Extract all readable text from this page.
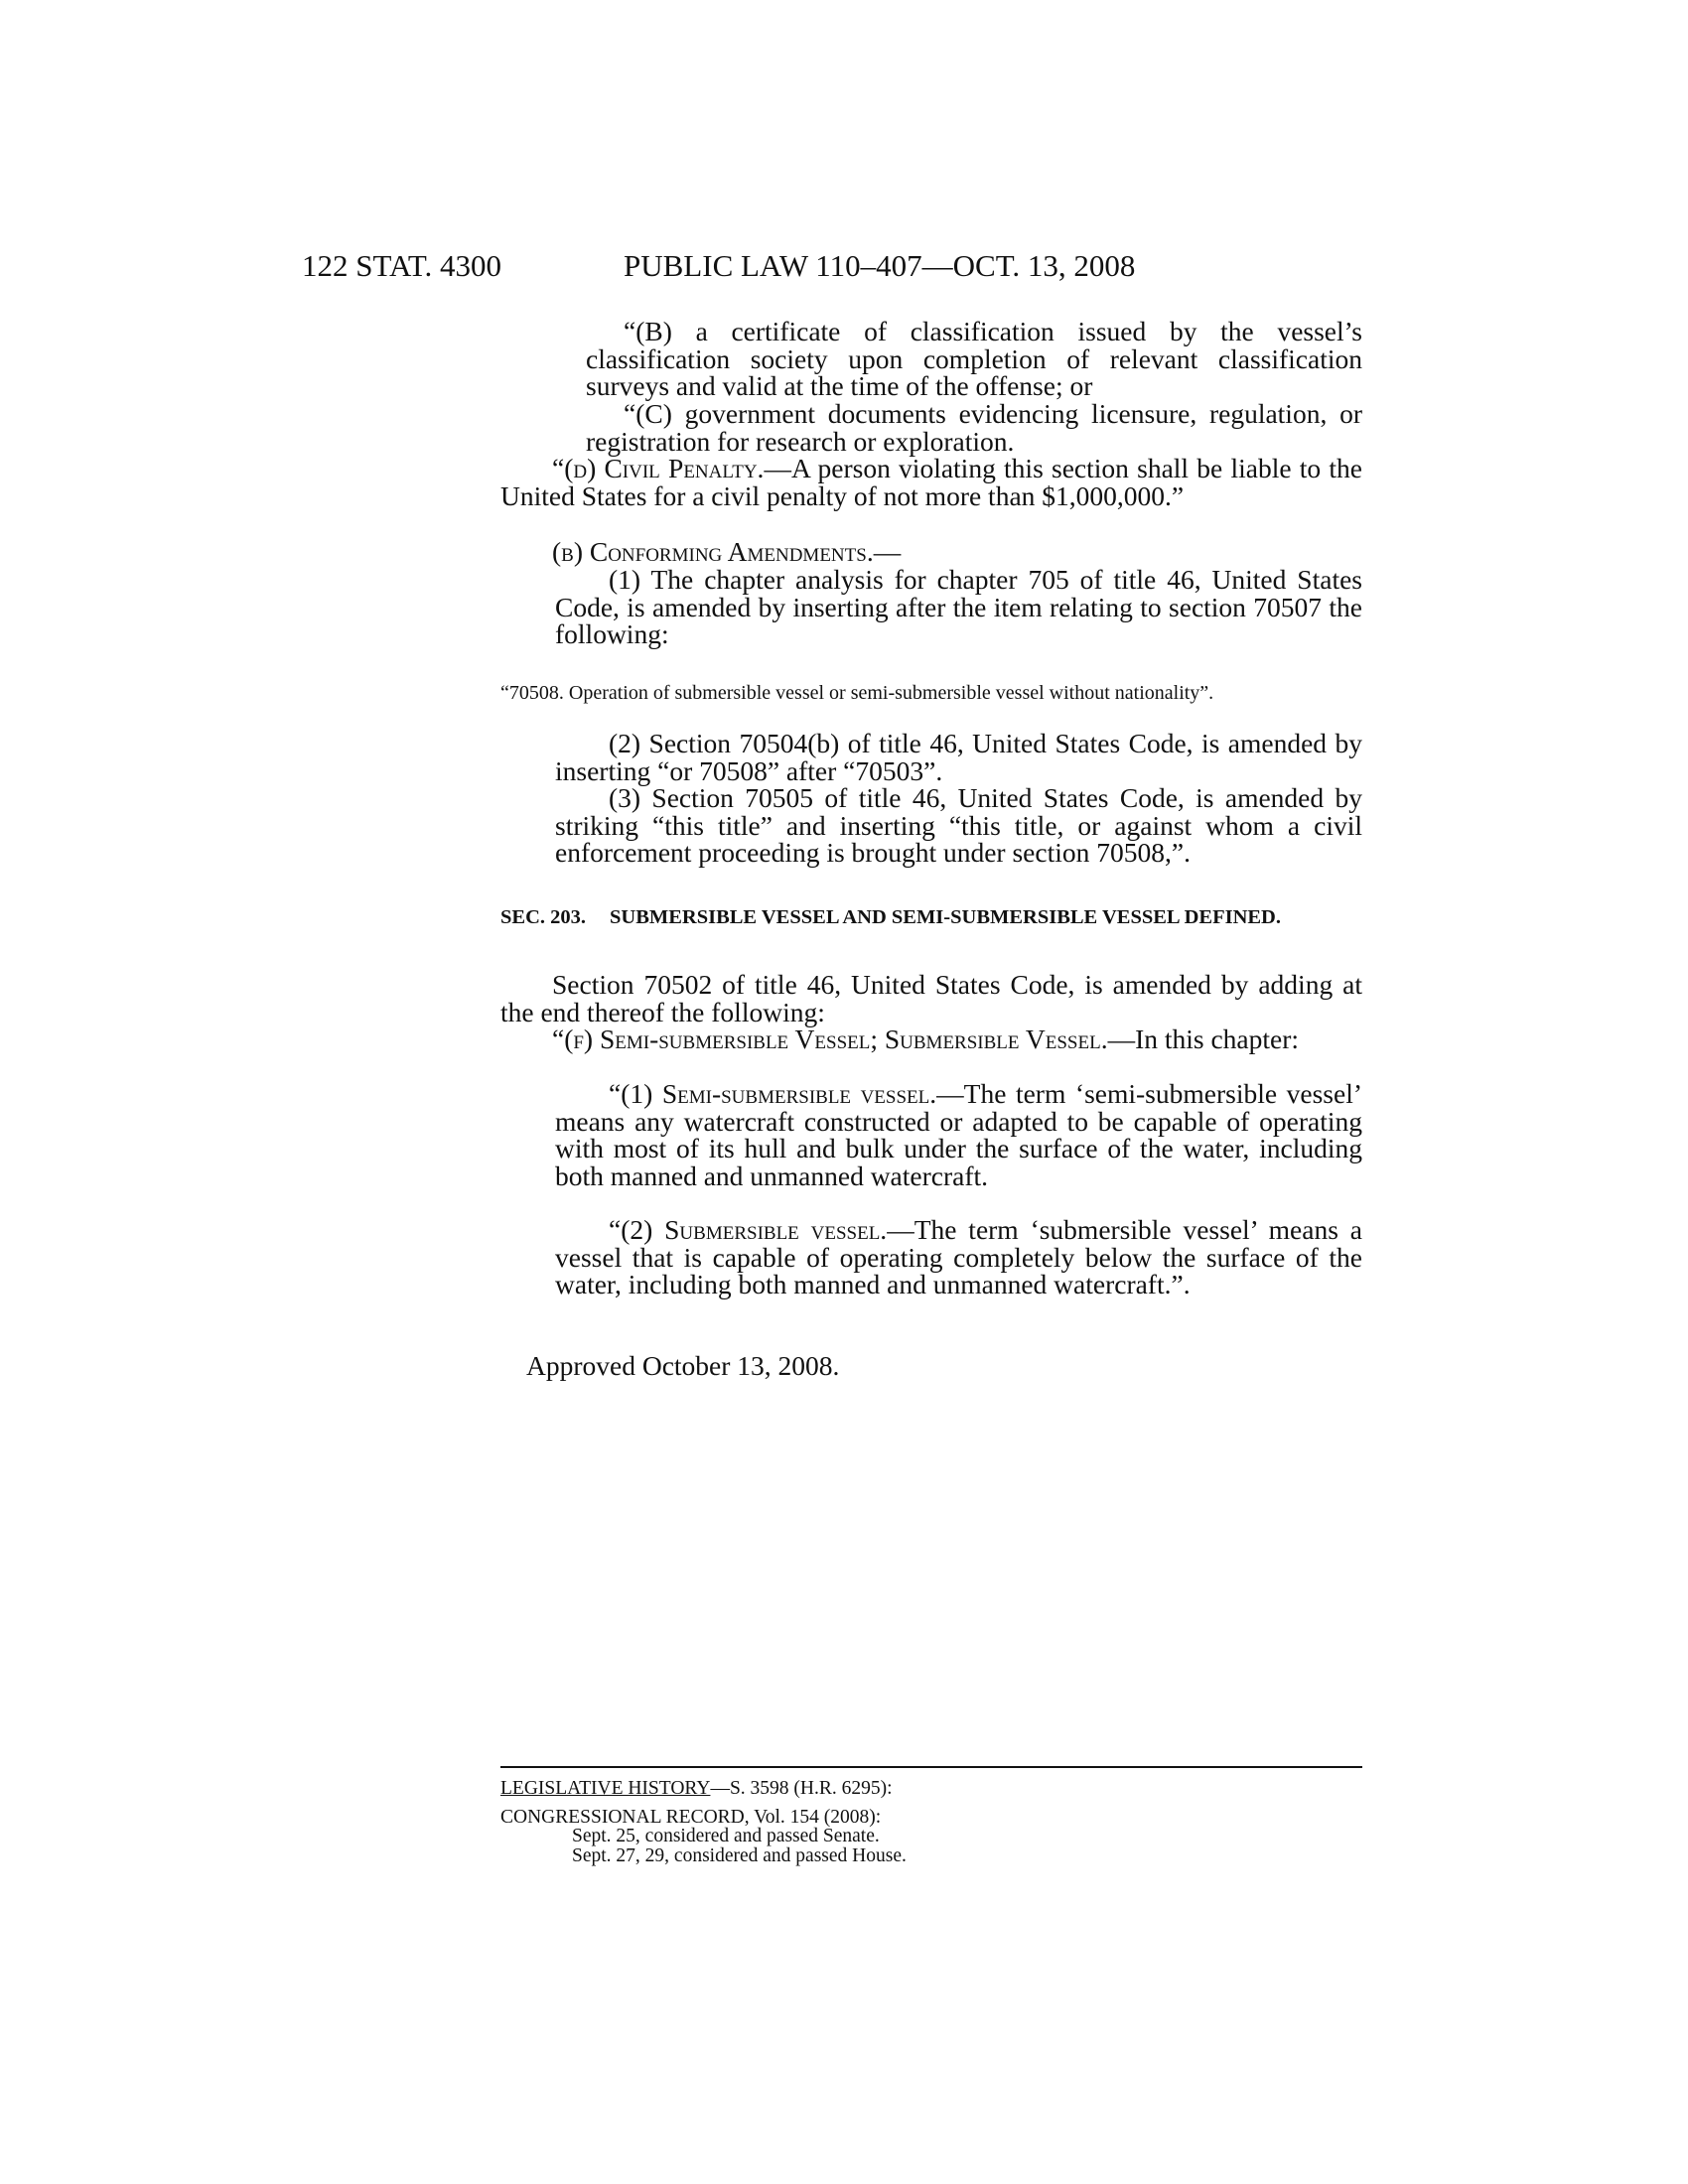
122 STAT. 4300	PUBLIC LAW 110–407—OCT. 13, 2008

“(B) a certificate of classification issued by the vessel’s classification society upon completion of relevant classification surveys and valid at the time of the offense; or

“(C) government documents evidencing licensure, regulation, or registration for research or exploration.

“(d) Civil Penalty.—A person violating this section shall be liable to the United States for a civil penalty of not more than $1,000,000.”

(b) Conforming Amendments.—

(1) The chapter analysis for chapter 705 of title 46, United States Code, is amended by inserting after the item relating to section 70507 the following:

“70508. Operation of submersible vessel or semi-submersible vessel without nationality”.

(2) Section 70504(b) of title 46, United States Code, is amended by inserting “or 70508” after “70503”.

(3) Section 70505 of title 46, United States Code, is amended by striking “this title” and inserting “this title, or against whom a civil enforcement proceeding is brought under section 70508,”.

SEC. 203. SUBMERSIBLE VESSEL AND SEMI-SUBMERSIBLE VESSEL DEFINED.

Section 70502 of title 46, United States Code, is amended by adding at the end thereof the following:

“(f) Semi-submersible Vessel; Submersible Vessel.—In this chapter:

“(1) Semi-submersible vessel.—The term ‘semi-submersible vessel’ means any watercraft constructed or adapted to be capable of operating with most of its hull and bulk under the surface of the water, including both manned and unmanned watercraft.

“(2) Submersible vessel.—The term ‘submersible vessel’ means a vessel that is capable of operating completely below the surface of the water, including both manned and unmanned watercraft.”.

Approved October 13, 2008.

LEGISLATIVE HISTORY—S. 3598 (H.R. 6295):
CONGRESSIONAL RECORD, Vol. 154 (2008):
Sept. 25, considered and passed Senate.
Sept. 27, 29, considered and passed House.
